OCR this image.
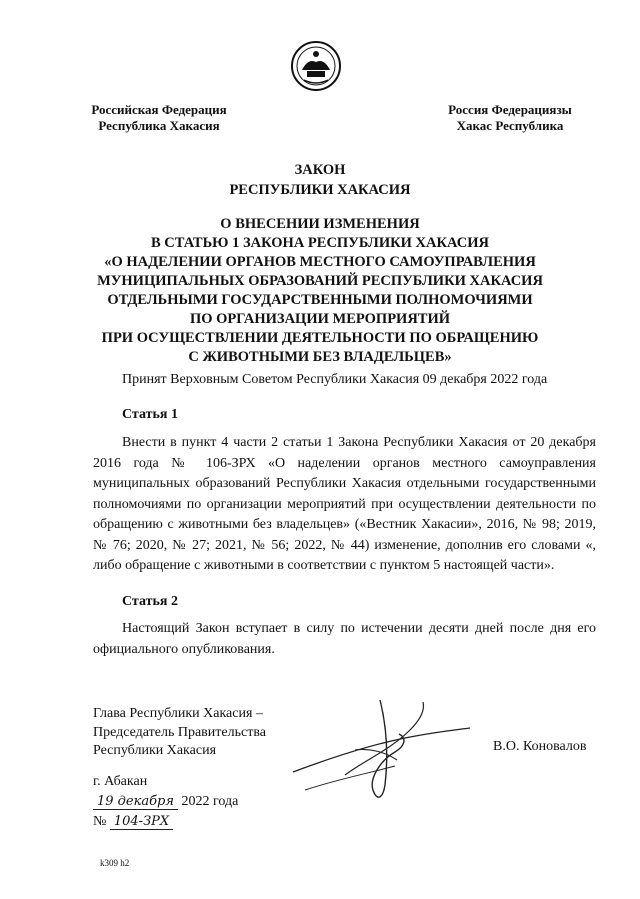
Российская Федерация
Республика Хакасия
Россия Федерациязы
Хакас Республика
ЗАКОН
РЕСПУБЛИКИ ХАКАСИЯ
О ВНЕСЕНИИ ИЗМЕНЕНИЯ
В СТАТЬЮ 1 ЗАКОНА РЕСПУБЛИКИ ХАКАСИЯ
«О НАДЕЛЕНИИ ОРГАНОВ МЕСТНОГО САМОУПРАВЛЕНИЯ
МУНИЦИПАЛЬНЫХ ОБРАЗОВАНИЙ РЕСПУБЛИКИ ХАКАСИЯ
ОТДЕЛЬНЫМИ ГОСУДАРСТВЕННЫМИ ПОЛНОМОЧИЯМИ
ПО ОРГАНИЗАЦИИ МЕРОПРИЯТИЙ
ПРИ ОСУЩЕСТВЛЕНИИ ДЕЯТЕЛЬНОСТИ ПО ОБРАЩЕНИЮ
С ЖИВОТНЫМИ БЕЗ ВЛАДЕЛЬЦЕВ»
Принят Верховным Советом Республики Хакасия 09 декабря 2022 года
Статья 1
Внести в пункт 4 части 2 статьи 1 Закона Республики Хакасия от 20 декабря 2016 года № 106-ЗРХ «О наделении органов местного самоуправления муниципальных образований Республики Хакасия отдельными государственными полномочиями по организации мероприятий при осуществлении деятельности по обращению с животными без владельцев» («Вестник Хакасии», 2016, № 98; 2019, № 76; 2020, № 27; 2021, № 56; 2022, № 44) изменение, дополнив его словами «, либо обращение с животными в соответствии с пунктом 5 настоящей части».
Статья 2
Настоящий Закон вступает в силу по истечении десяти дней после дня его официального опубликования.
Глава Республики Хакасия –
Председатель Правительства
Республики Хакасия	В.О. Коновалов
г. Абакан
19 декабря 2022 года
№ 104-ЗРХ
k309 h2
